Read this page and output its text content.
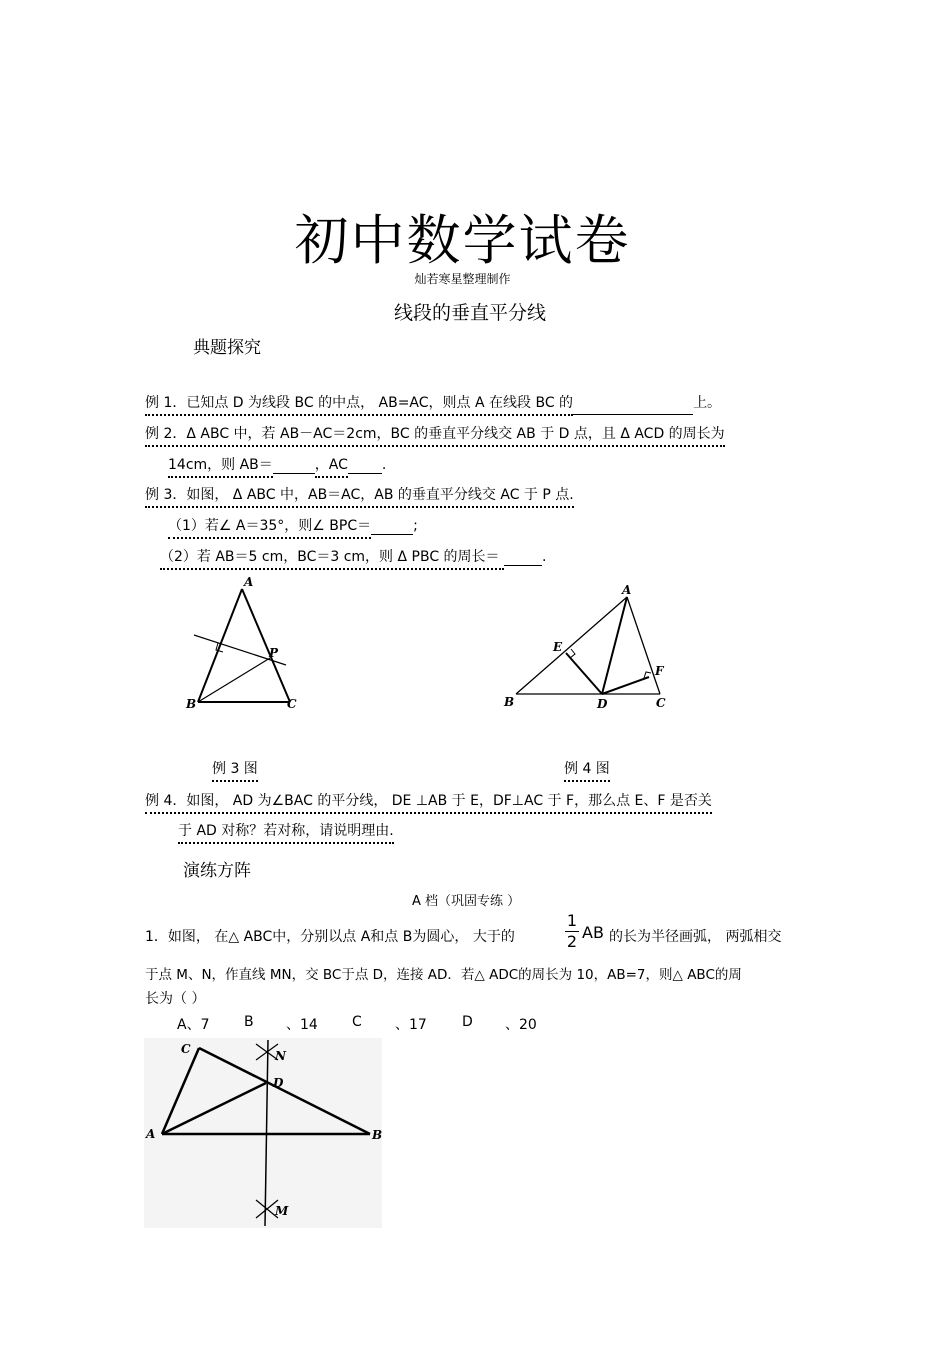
初中数学试卷
灿若寒星整理制作
线段的垂直平分线
典题探究
例 1．已知点 D 为线段 BC 的中点， AB=AC，则点 A 在线段 BC 的	上。
例 2．Δ ABC 中，若 AB－AC＝2cm，BC 的垂直平分线交 AB 于 D 点，且 Δ ACD 的周长为
14cm，则 AB＝	，AC .
例 3．如图， Δ ABC 中，AB＝AC，AB 的垂直平分线交 AC 于 P 点.
（1）若∠ A＝35°，则∠ BPC＝	;
（2）若 AB＝5 cm，BC＝3 cm，则 Δ PBC 的周长＝	.
A
B	C
P
A
B	C
D
E
F
例 3 图	例 4 图
例 4．如图， AD 为∠BAC 的平分线， DE ⊥AB 于 E，DF⊥AC 于 F，那么点 E、F 是否关
于 AD 对称？若对称，请说明理由.
演练方阵
A 档（巩固专练 ）
1．如图， 在△ ABC中，分别以点 A和点 B为圆心， 大于的
1
2 AB 的长为半径画弧， 两弧相交
于点 M、N，作直线 MN，交 BC于点 D，连接 AD．若△ ADC的周长为 10，AB=7，则△ ABC的周
长为（ ）
A、7 B 、14 C 、17	D 、20
C
A	B
D
N
M
